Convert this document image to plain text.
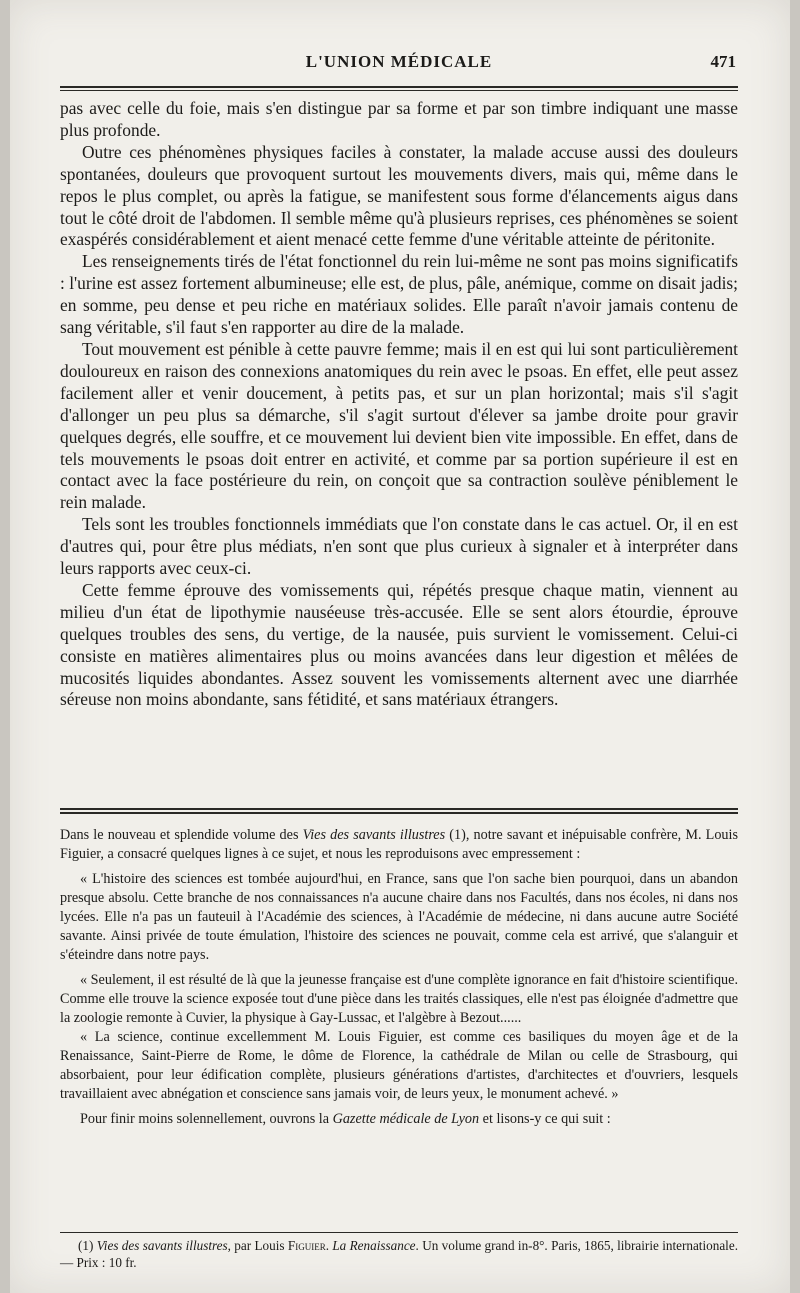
L'UNION MÉDICALE	471

pas avec celle du foie, mais s'en distingue par sa forme et par son timbre indiquant une masse plus profonde.

Outre ces phénomènes physiques faciles à constater, la malade accuse aussi des douleurs spontanées, douleurs que provoquent surtout les mouvements divers, mais qui, même dans le repos le plus complet, ou après la fatigue, se manifestent sous forme d'élancements aigus dans tout le côté droit de l'abdomen. Il semble même qu'à plusieurs reprises, ces phénomènes se soient exaspérés considérablement et aient menacé cette femme d'une véritable atteinte de péritonite.

Les renseignements tirés de l'état fonctionnel du rein lui-même ne sont pas moins significatifs : l'urine est assez fortement albumineuse; elle est, de plus, pâle, anémique, comme on disait jadis; en somme, peu dense et peu riche en matériaux solides. Elle paraît n'avoir jamais contenu de sang véritable, s'il faut s'en rapporter au dire de la malade.

Tout mouvement est pénible à cette pauvre femme; mais il en est qui lui sont particulièrement douloureux en raison des connexions anatomiques du rein avec le psoas. En effet, elle peut assez facilement aller et venir doucement, à petits pas, et sur un plan horizontal; mais s'il s'agit d'allonger un peu plus sa démarche, s'il s'agit surtout d'élever sa jambe droite pour gravir quelques degrés, elle souffre, et ce mouvement lui devient bien vite impossible. En effet, dans de tels mouvements le psoas doit entrer en activité, et comme par sa portion supérieure il est en contact avec la face postérieure du rein, on conçoit que sa contraction soulève péniblement le rein malade.

Tels sont les troubles fonctionnels immédiats que l'on constate dans le cas actuel. Or, il en est d'autres qui, pour être plus médiats, n'en sont que plus curieux à signaler et à interpréter dans leurs rapports avec ceux-ci.

Cette femme éprouve des vomissements qui, répétés presque chaque matin, viennent au milieu d'un état de lipothymie nauséeuse très-accusée. Elle se sent alors étourdie, éprouve quelques troubles des sens, du vertige, de la nausée, puis survient le vomissement. Celui-ci consiste en matières alimentaires plus ou moins avancées dans leur digestion et mêlées de mucosités liquides abondantes. Assez souvent les vomissements alternent avec une diarrhée séreuse non moins abondante, sans fétidité, et sans matériaux étrangers.

Dans le nouveau et splendide volume des Vies des savants illustres (1), notre savant et inépuisable confrère, M. Louis Figuier, a consacré quelques lignes à ce sujet, et nous les reproduisons avec empressement :

« L'histoire des sciences est tombée aujourd'hui, en France, sans que l'on sache bien pourquoi, dans un abandon presque absolu. Cette branche de nos connaissances n'a aucune chaire dans nos Facultés, dans nos écoles, ni dans nos lycées. Elle n'a pas un fauteuil à l'Académie des sciences, à l'Académie de médecine, ni dans aucune autre Société savante. Ainsi privée de toute émulation, l'histoire des sciences ne pouvait, comme cela est arrivé, que s'alanguir et s'éteindre dans notre pays.

« Seulement, il est résulté de là que la jeunesse française est d'une complète ignorance en fait d'histoire scientifique. Comme elle trouve la science exposée tout d'une pièce dans les traités classiques, elle n'est pas éloignée d'admettre que la zoologie remonte à Cuvier, la physique à Gay-Lussac, et l'algèbre à Bezout......

« La science, continue excellemment M. Louis Figuier, est comme ces basiliques du moyen âge et de la Renaissance, Saint-Pierre de Rome, le dôme de Florence, la cathédrale de Milan ou celle de Strasbourg, qui absorbaient, pour leur édification complète, plusieurs générations d'artistes, d'architectes et d'ouvriers, lesquels travaillaient avec abnégation et conscience sans jamais voir, de leurs yeux, le monument achevé. »

Pour finir moins solennellement, ouvrons la Gazette médicale de Lyon et lisons-y ce qui suit :

(1) Vies des savants illustres, par Louis Figuier. La Renaissance. Un volume grand in-8°. Paris, 1865, librairie internationale. — Prix : 10 fr.
